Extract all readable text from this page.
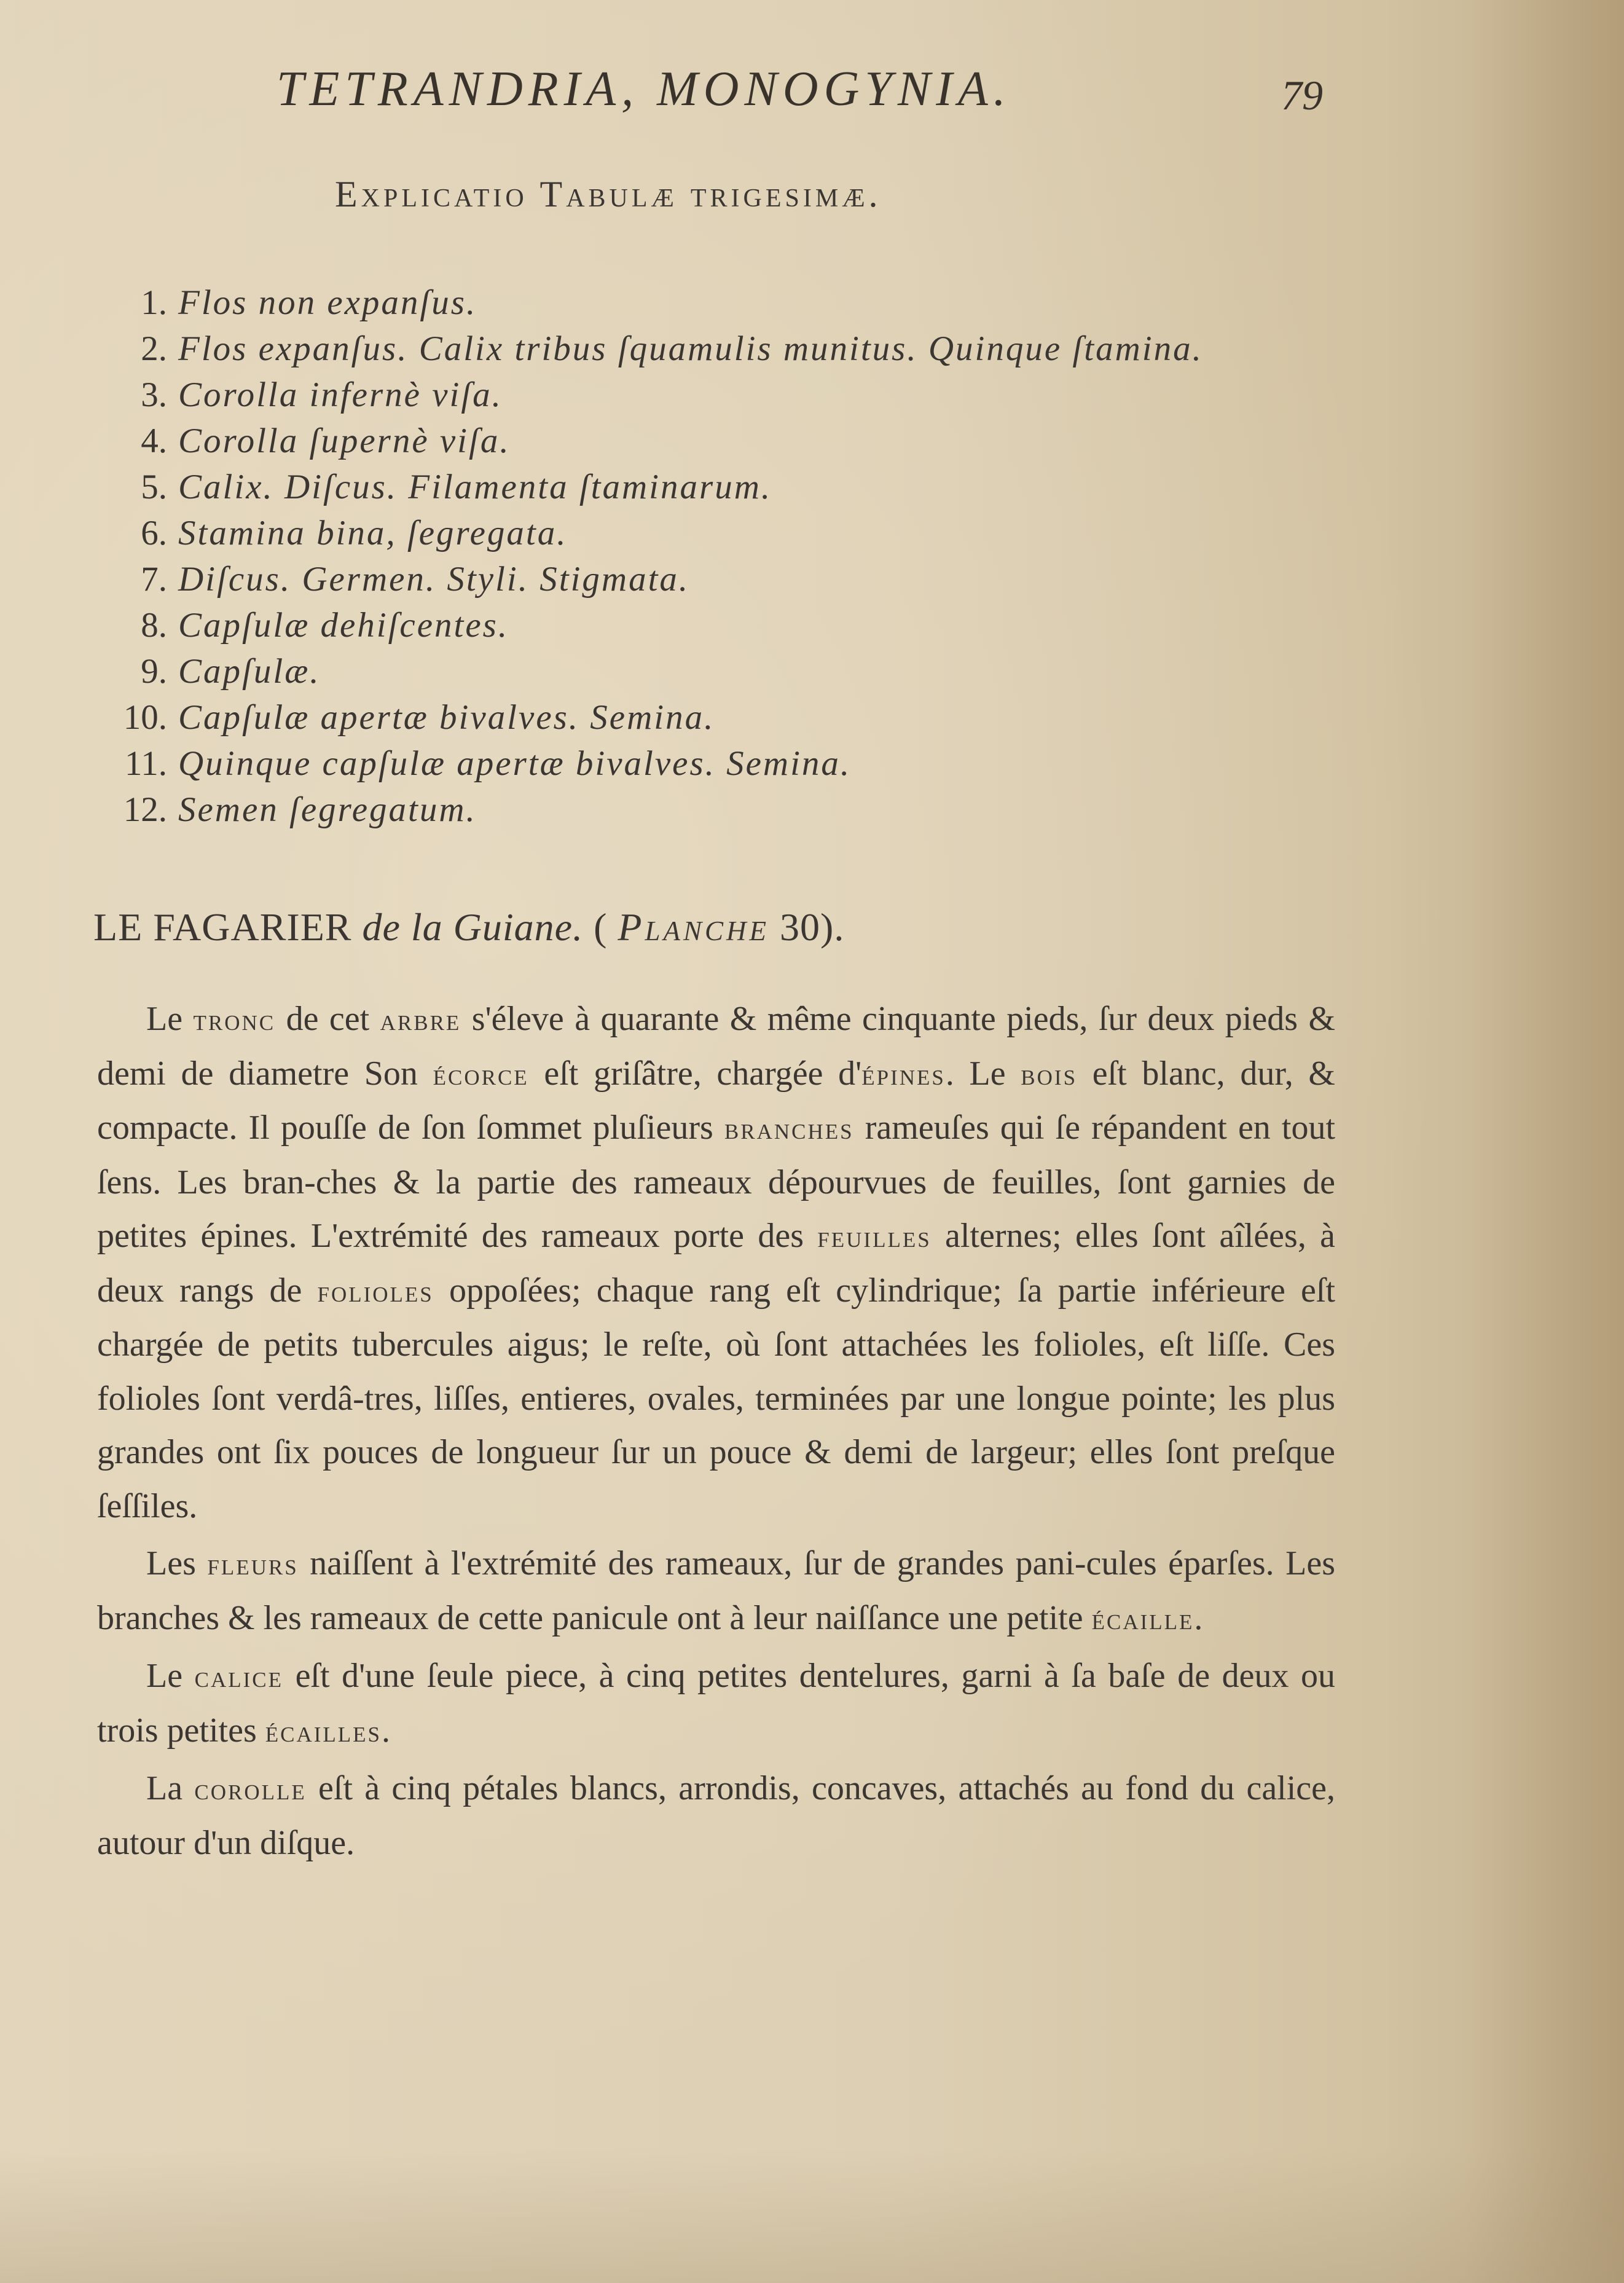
TETRANDRIA, MONOGYNIA.	79
Explicatio Tabulæ trigesimæ.
1. Flos non expanſus.
2. Flos expanſus. Calix tribus ſquamulis munitus. Quinque ſtamina.
3. Corolla infernè viſa.
4. Corolla ſupernè viſa.
5. Calix. Diſcus. Filamenta ſtaminarum.
6. Stamina bina, ſegregata.
7. Diſcus. Germen. Styli. Stigmata.
8. Capſulæ dehiſcentes.
9. Capſulæ.
10. Capſulæ apertæ bivalves. Semina.
11. Quinque capſulæ apertæ bivalves. Semina.
12. Semen ſegregatum.
LE FAGARIER de la Guiane. ( Planche 30).

Le tronc de cet arbre s'éleve à quarante & même cinquante pieds, ſur deux pieds & demi de diametre Son écorce eſt griſâtre, chargée d'épines. Le bois eſt blanc, dur, & compacte. Il pouſſe de ſon ſommet pluſieurs branches rameuſes qui ſe répandent en tout ſens. Les bran-ches & la partie des rameaux dépourvues de feuilles, ſont garnies de petites épines. L'extrémité des rameaux porte des feuilles alternes; elles ſont aîlées, à deux rangs de folioles oppoſées; chaque rang eſt cylindrique; ſa partie inférieure eſt chargée de petits tubercules aigus; le reſte, où ſont attachées les folioles, eſt liſſe. Ces folioles ſont verdâ-tres, liſſes, entieres, ovales, terminées par une longue pointe; les plus grandes ont ſix pouces de longueur ſur un pouce & demi de largeur; elles ſont preſque ſeſſiles.

Les fleurs naiſſent à l'extrémité des rameaux, ſur de grandes pani-cules éparſes. Les branches & les rameaux de cette panicule ont à leur naiſſance une petite écaille.

Le calice eſt d'une ſeule piece, à cinq petites dentelures, garni à ſa baſe de deux ou trois petites écailles.

La corolle eſt à cinq pétales blancs, arrondis, concaves, attachés au fond du calice, autour d'un diſque.
